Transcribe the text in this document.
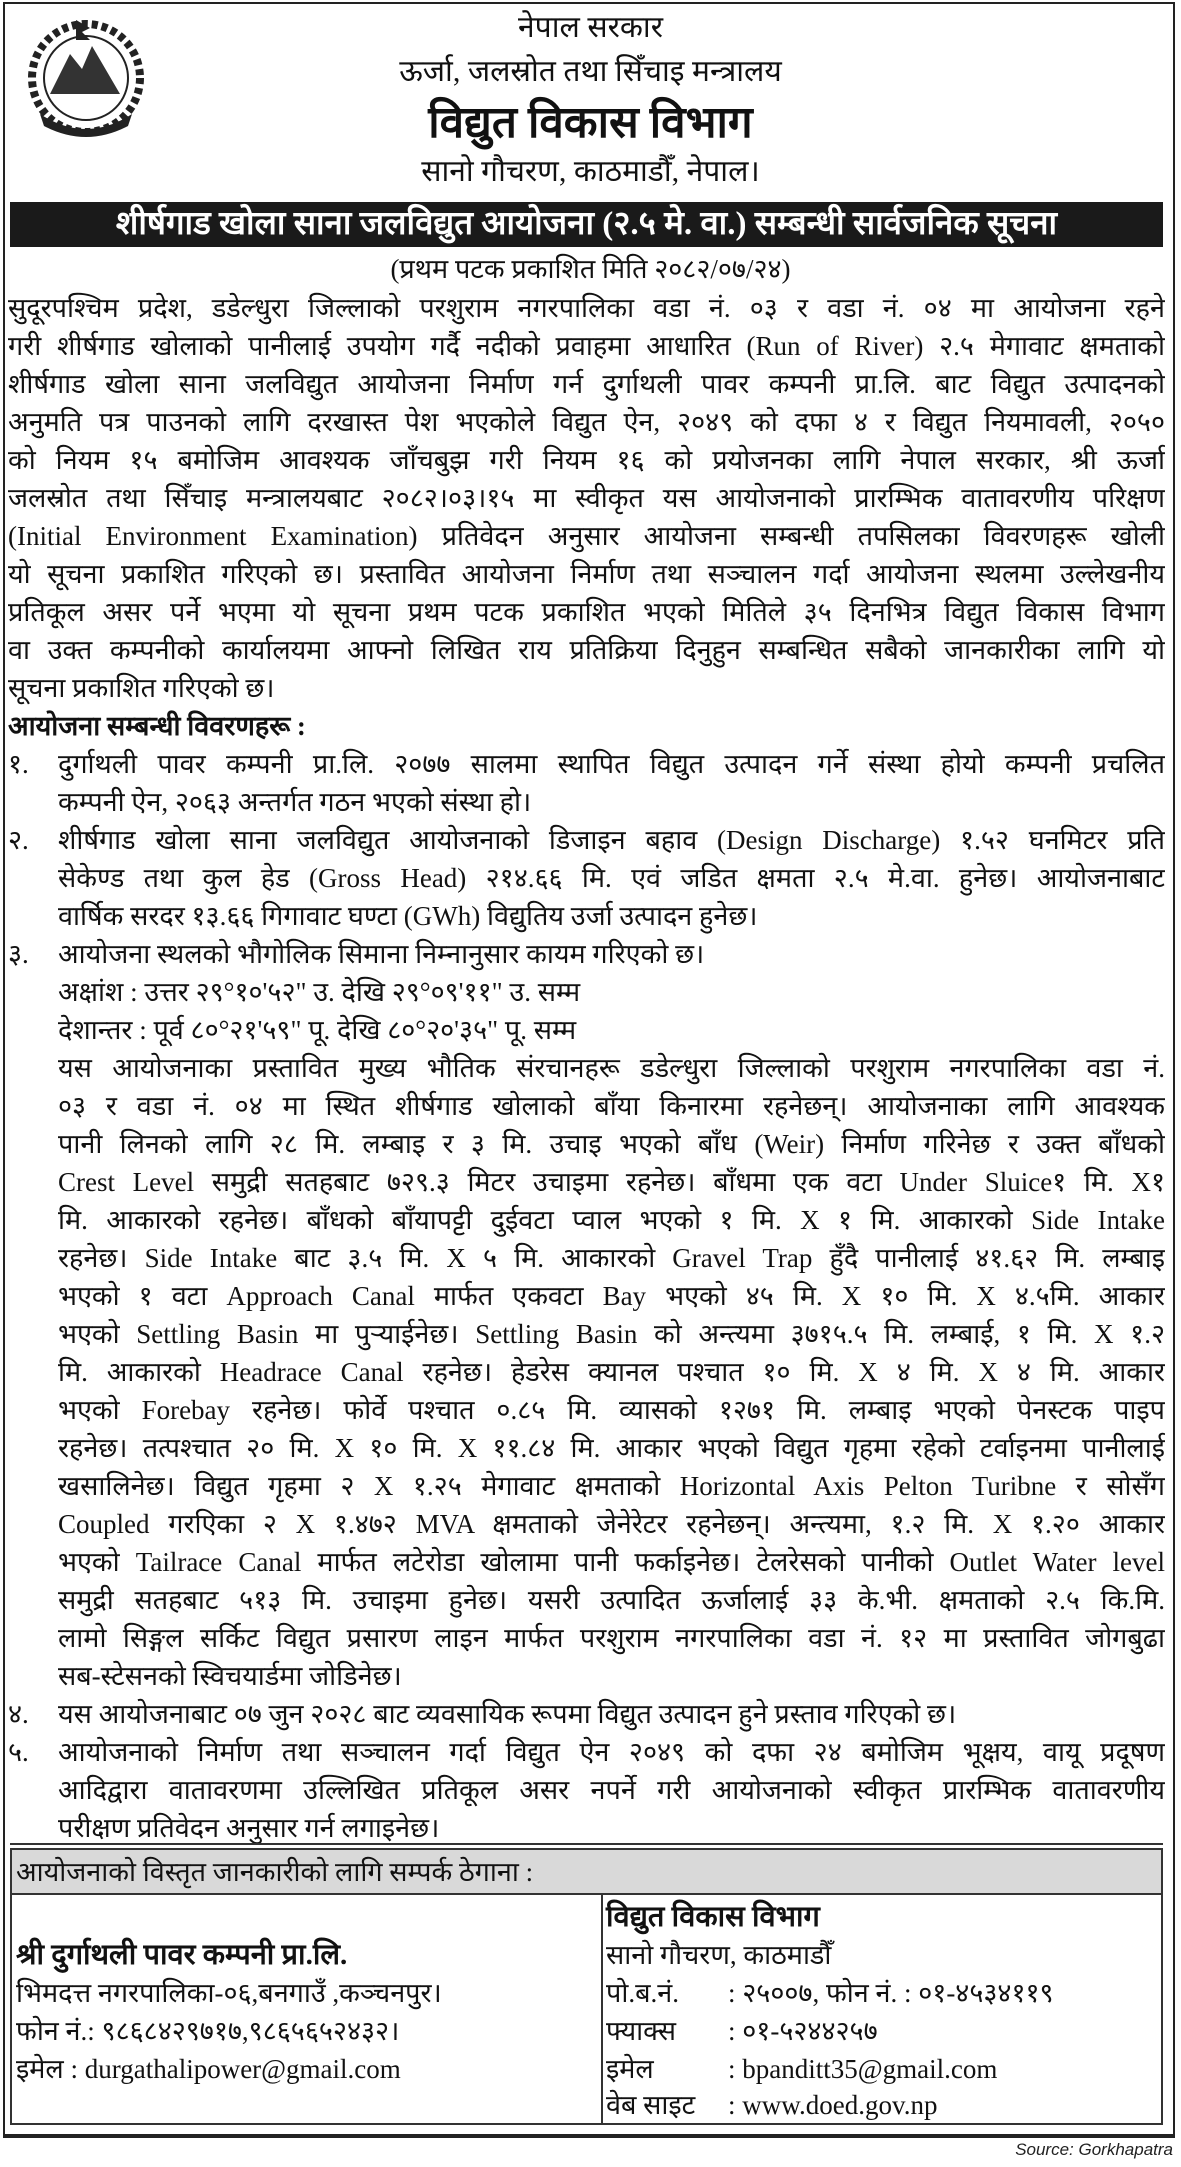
नेपाल सरकार
ऊर्जा, जलस्रोत तथा सिँचाइ मन्त्रालय
विद्युत विकास विभाग
सानो गौचरण, काठमाडौँ, नेपाल।
शीर्षगाड खोला साना जलविद्युत आयोजना (२.५ मे. वा.) सम्बन्धी सार्वजनिक सूचना
(प्रथम पटक प्रकाशित मिति २०८२/०७/२४)
सुदूरपश्चिम प्रदेश, डडेल्धुरा जिल्लाको परशुराम नगरपालिका वडा नं. ०३ र वडा नं. ०४ मा आयोजना रहने
गरी शीर्षगाड खोलाको पानीलाई उपयोग गर्दै नदीको प्रवाहमा आधारित (Run of River) २.५ मेगावाट क्षमताको
शीर्षगाड खोला साना जलविद्युत आयोजना निर्माण गर्न दुर्गाथली पावर कम्पनी प्रा.लि. बाट विद्युत उत्पादनको
अनुमति पत्र पाउनको लागि दरखास्त पेश भएकोले विद्युत ऐन, २०४९ को दफा ४ र विद्युत नियमावली, २०५०
को नियम १५ बमोजिम आवश्यक जाँचबुझ गरी नियम १६ को प्रयोजनका लागि नेपाल सरकार, श्री ऊर्जा
जलस्रोत तथा सिँचाइ मन्त्रालयबाट २०८२।०३।१५ मा स्वीकृत यस आयोजनाको प्रारम्भिक वातावरणीय परिक्षण
(Initial Environment Examination) प्रतिवेदन अनुसार आयोजना सम्बन्धी तपसिलका विवरणहरू खोली
यो सूचना प्रकाशित गरिएको छ। प्रस्तावित आयोजना निर्माण तथा सञ्चालन गर्दा आयोजना स्थलमा उल्लेखनीय
प्रतिकूल असर पर्ने भएमा यो सूचना प्रथम पटक प्रकाशित भएको मितिले ३५ दिनभित्र विद्युत विकास विभाग
वा उक्त कम्पनीको कार्यालयमा आफ्नो लिखित राय प्रतिक्रिया दिनुहुन सम्बन्धित सबैको जानकारीका लागि यो
सूचना प्रकाशित गरिएको छ।
आयोजना सम्बन्धी विवरणहरू :
१. दुर्गाथली पावर कम्पनी प्रा.लि. २०७७ सालमा स्थापित विद्युत उत्पादन गर्ने संस्था होयो कम्पनी प्रचलित
कम्पनी ऐन, २०६३ अन्तर्गत गठन भएको संस्था हो।
२. शीर्षगाड खोला साना जलविद्युत आयोजनाको डिजाइन बहाव (Design Discharge) १.५२ घनमिटर प्रति
सेकेण्ड तथा कुल हेड (Gross Head) २१४.६६ मि. एवं जडित क्षमता २.५ मे.वा. हुनेछ। आयोजनाबाट
वार्षिक सरदर १३.६६ गिगावाट घण्टा (GWh) विद्युतिय उर्जा उत्पादन हुनेछ।
३. आयोजना स्थलको भौगोलिक सिमाना निम्नानुसार कायम गरिएको छ।
अक्षांश : उत्तर २९°१०'५२" उ. देखि २९°०९'११" उ. सम्म
देशान्तर : पूर्व ८०°२१'५९" पू. देखि ८०°२०'३५" पू. सम्म
यस आयोजनाका प्रस्तावित मुख्य भौतिक संरचानहरू डडेल्धुरा जिल्लाको परशुराम नगरपालिका वडा नं.
०३ र वडा नं. ०४ मा स्थित शीर्षगाड खोलाको बाँया किनारमा रहनेछन्। आयोजनाका लागि आवश्यक
पानी लिनको लागि २८ मि. लम्बाइ र ३ मि. उचाइ भएको बाँध (Weir) निर्माण गरिनेछ र उक्त बाँधको
Crest Level समुद्री सतहबाट ७२९.३ मिटर उचाइमा रहनेछ। बाँधमा एक वटा Under Sluice१ मि. X१
मि. आकारको रहनेछ। बाँधको बाँयापट्टी दुईवटा प्वाल भएको १ मि. X १ मि. आकारको Side Intake
रहनेछ। Side Intake बाट ३.५ मि. X ५ मि. आकारको Gravel Trap हुँदै पानीलाई ४१.६२ मि. लम्बाइ
भएको १ वटा Approach Canal मार्फत एकवटा Bay भएको ४५ मि. X १० मि. X ४.५मि. आकार
भएको Settling Basin मा पुर्‍याईनेछ। Settling Basin को अन्त्यमा ३७१५.५ मि. लम्बाई, १ मि. X १.२
मि. आकारको Headrace Canal रहनेछ। हेडरेस क्यानल पश्चात १० मि. X ४ मि. X ४ मि. आकार
भएको Forebay रहनेछ। फोर्वे पश्चात ०.८५ मि. व्यासको १२७१ मि. लम्बाइ भएको पेनस्टक पाइप
रहनेछ। तत्पश्चात २० मि. X १० मि. X ११.८४ मि. आकार भएको विद्युत गृहमा रहेको टर्वाइनमा पानीलाई
खसालिनेछ। विद्युत गृहमा २ X १.२५ मेगावाट क्षमताको Horizontal Axis Pelton Turibne र सोसँग
Coupled गरएिका २ X १.४७२ MVA क्षमताको जेनेरेटर रहनेछन्। अन्त्यमा, १.२ मि. X १.२० आकार
भएको Tailrace Canal मार्फत लटेरोडा खोलामा पानी फर्काइनेछ। टेलरेसको पानीको Outlet Water level
समुद्री सतहबाट ५१३ मि. उचाइमा हुनेछ। यसरी उत्पादित ऊर्जालाई ३३ के.भी. क्षमताको २.५ कि.मि.
लामो सिङ्गल सर्किट विद्युत प्रसारण लाइन मार्फत परशुराम नगरपालिका वडा नं. १२ मा प्रस्तावित जोगबुढा
सब-स्टेसनको स्विचयार्डमा जोडिनेछ।
४. यस आयोजनाबाट ०७ जुन २०२८ बाट व्यवसायिक रूपमा विद्युत उत्पादन हुने प्रस्ताव गरिएको छ।
५. आयोजनाको निर्माण तथा सञ्चालन गर्दा विद्युत ऐन २०४९ को दफा २४ बमोजिम भूक्षय, वायू प्रदूषण
आदिद्वारा वातावरणमा उल्लिखित प्रतिकूल असर नपर्ने गरी आयोजनाको स्वीकृत प्रारम्भिक वातावरणीय
परीक्षण प्रतिवेदन अनुसार गर्न लगाइनेछ।
आयोजनाको विस्तृत जानकारीको लागि सम्पर्क ठेगाना :
श्री दुर्गाथली पावर कम्पनी प्रा.लि.
भिमदत्त नगरपालिका-०६,बनगाउँ ,कञ्चनपुर।
फोन नं.: ९८६८४२९७१७,९८६५६५२४३२।
इमेल : durgathalipower@gmail.com
विद्युत विकास विभाग
सानो गौचरण, काठमाडौँ
पो.ब.नं. : २५००७, फोन नं. : ०१-४५३४११९
फ्याक्स : ०१-५२४४२५७
इमेल	: bpanditt35@gmail.com
वेब साइट : www.doed.gov.np
Source: Gorkhapatra
